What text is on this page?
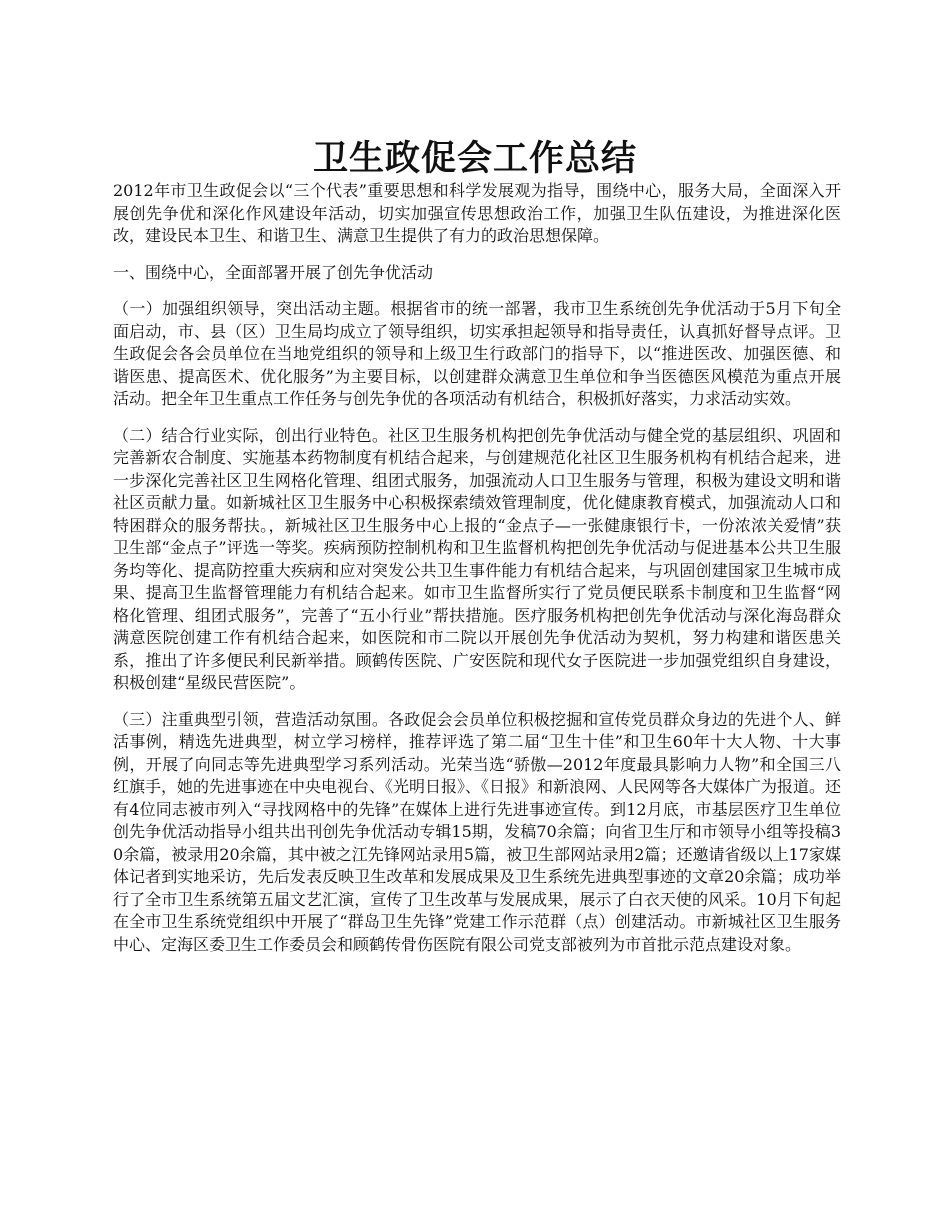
卫生政促会工作总结

2012年市卫生政促会以“三个代表”重要思想和科学发展观为指导，围绕中心，服务大局，全面深入开展创先争优和深化作风建设年活动，切实加强宣传思想政治工作，加强卫生队伍建设，为推进深化医改，建设民本卫生、和谐卫生、满意卫生提供了有力的政治思想保障。

一、围绕中心，全面部署开展了创先争优活动

（一）加强组织领导，突出活动主题。根据省市的统一部署，我市卫生系统创先争优活动于5月下旬全面启动，市、县（区）卫生局均成立了领导组织，切实承担起领导和指导责任，认真抓好督导点评。卫生政促会各会员单位在当地党组织的领导和上级卫生行政部门的指导下，以“推进医改、加强医德、和谐医患、提高医术、优化服务”为主要目标，以创建群众满意卫生单位和争当医德医风模范为重点开展活动。把全年卫生重点工作任务与创先争优的各项活动有机结合，积极抓好落实，力求活动实效。

（二）结合行业实际，创出行业特色。社区卫生服务机构把创先争优活动与健全党的基层组织、巩固和完善新农合制度、实施基本药物制度有机结合起来，与创建规范化社区卫生服务机构有机结合起来，进一步深化完善社区卫生网格化管理、组团式服务，加强流动人口卫生服务与管理，积极为建设文明和谐社区贡献力量。如新城社区卫生服务中心积极探索绩效管理制度，优化健康教育模式，加强流动人口和特困群众的服务帮扶。，新城社区卫生服务中心上报的“金点子—一张健康银行卡，一份浓浓关爱情”获卫生部“金点子”评选一等奖。疾病预防控制机构和卫生监督机构把创先争优活动与促进基本公共卫生服务均等化、提高防控重大疾病和应对突发公共卫生事件能力有机结合起来，与巩固创建国家卫生城市成果、提高卫生监督管理能力有机结合起来。如市卫生监督所实行了党员便民联系卡制度和卫生监督“网格化管理、组团式服务”，完善了“五小行业”帮扶措施。医疗服务机构把创先争优活动与深化海岛群众满意医院创建工作有机结合起来，如医院和市二院以开展创先争优活动为契机，努力构建和谐医患关系，推出了许多便民利民新举措。顾鹤传医院、广安医院和现代女子医院进一步加强党组织自身建设，积极创建“星级民营医院”。

（三）注重典型引领，营造活动氛围。各政促会会员单位积极挖掘和宣传党员群众身边的先进个人、鲜活事例，精选先进典型，树立学习榜样，推荐评选了第二届“卫生十佳”和卫生60年十大人物、十大事例，开展了向同志等先进典型学习系列活动。光荣当选“骄傲—2012年度最具影响力人物”和全国三八红旗手，她的先进事迹在中央电视台、《光明日报》、《日报》和新浪网、人民网等各大媒体广为报道。还有4位同志被市列入“寻找网格中的先锋”在媒体上进行先进事迹宣传。到12月底，市基层医疗卫生单位创先争优活动指导小组共出刊创先争优活动专辑15期，发稿70余篇；向省卫生厅和市领导小组等投稿30余篇，被录用20余篇，其中被之江先锋网站录用5篇，被卫生部网站录用2篇；还邀请省级以上17家媒体记者到实地采访，先后发表反映卫生改革和发展成果及卫生系统先进典型事迹的文章20余篇；成功举行了全市卫生系统第五届文艺汇演，宣传了卫生改革与发展成果，展示了白衣天使的风采。10月下旬起在全市卫生系统党组织中开展了“群岛卫生先锋”党建工作示范群（点）创建活动。市新城社区卫生服务中心、定海区委卫生工作委员会和顾鹤传骨伤医院有限公司党支部被列为市首批示范点建设对象。
